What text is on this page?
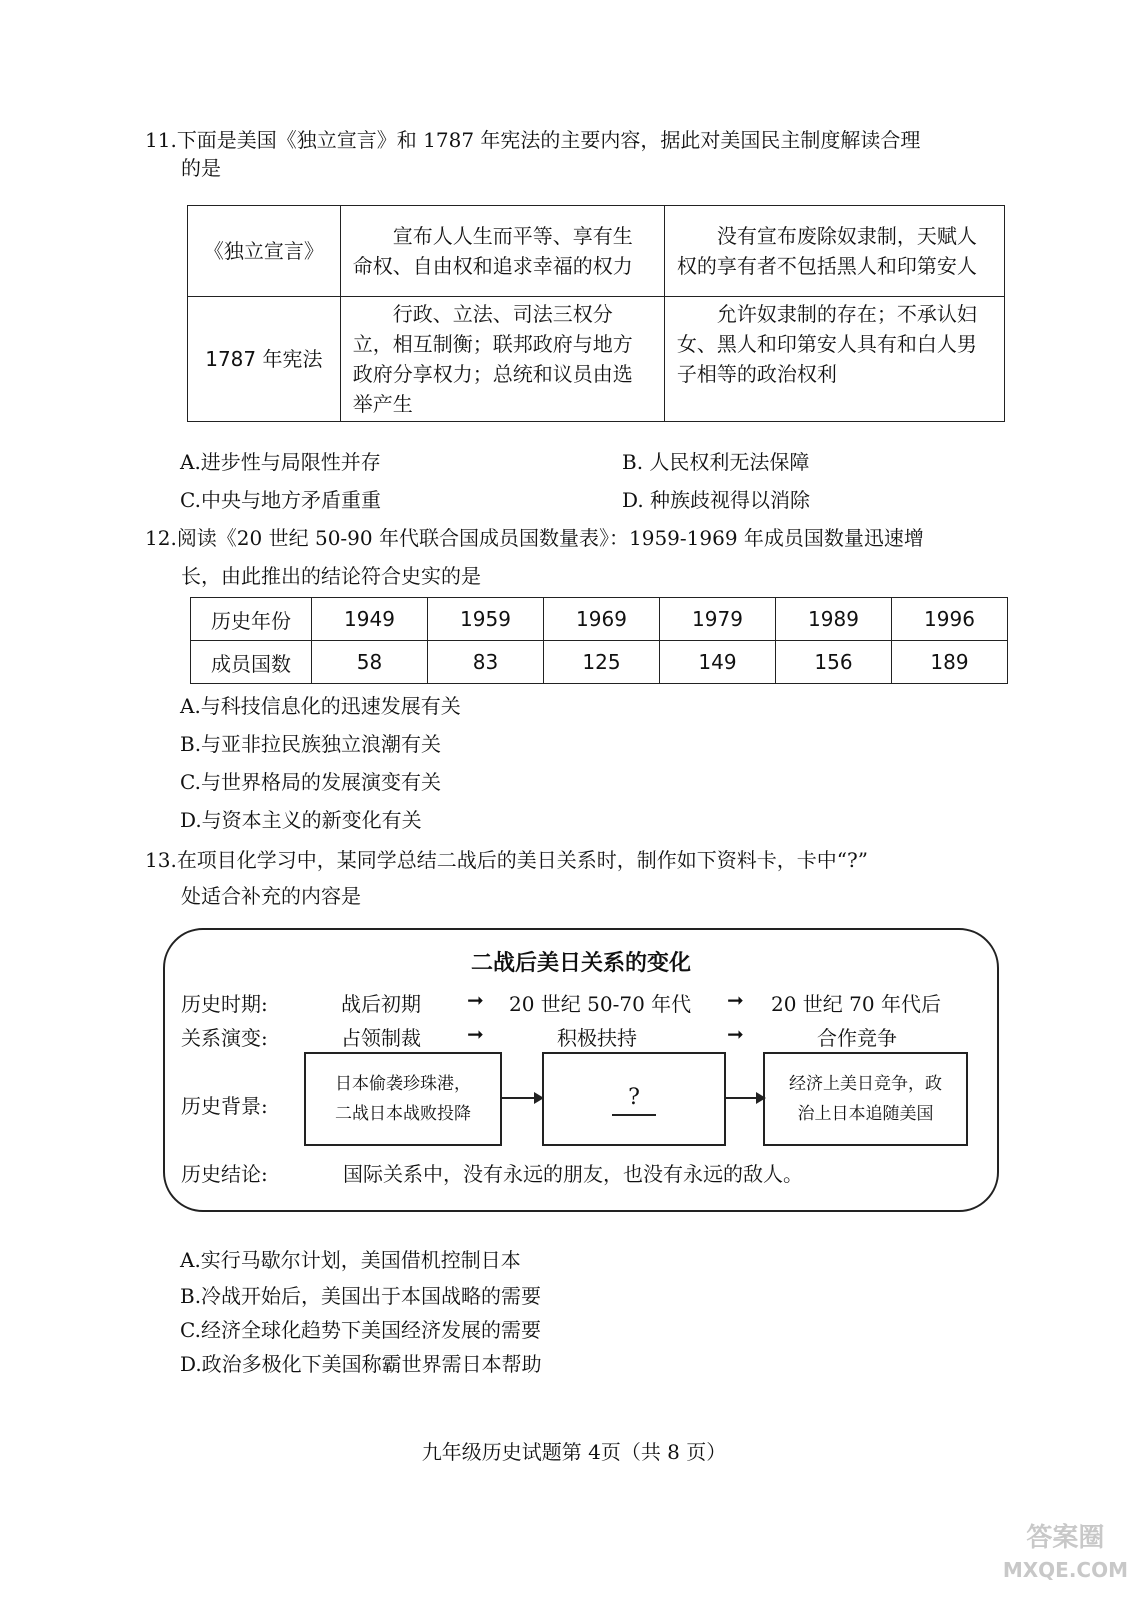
11.下面是美国《独立宣言》和 1787 年宪法的主要内容，据此对美国民主制度解读合理
的是
《独立宣言》	宣布人人生而平等、享有生命权、自由权和追求幸福的权力	没有宣布废除奴隶制，天赋人权的享有者不包括黑人和印第安人
1787 年宪法	行政、立法、司法三权分立，相互制衡；联邦政府与地方政府分享权力；总统和议员由选举产生	允许奴隶制的存在；不承认妇女、黑人和印第安人具有和白人男子相等的政治权利
A.进步性与局限性并存	B. 人民权利无法保障
C.中央与地方矛盾重重	D. 种族歧视得以消除
12.阅读《20 世纪 50-90 年代联合国成员国数量表》：1959-1969 年成员国数量迅速增
长，由此推出的结论符合史实的是
历史年份	1949	1959	1969	1979	1989	1996
成员国数	58	83	125	149	156	189
A.与科技信息化的迅速发展有关
B.与亚非拉民族独立浪潮有关
C.与世界格局的发展演变有关
D.与资本主义的新变化有关
13.在项目化学习中，某同学总结二战后的美日关系时，制作如下资料卡，卡中“?”
处适合补充的内容是
二战后美日关系的变化
历史时期:	战后初期 ➞ 20 世纪 50-70 年代 ➞ 20 世纪 70 年代后
关系演变:	占领制裁 ➞	积极扶持	➞	合作竞争
历史背景:
日本偷袭珍珠港，
二战日本战败投降
?
经济上美日竞争，政
治上日本追随美国
历史结论:	国际关系中，没有永远的朋友，也没有永远的敌人。
A.实行马歇尔计划，美国借机控制日本
B.冷战开始后，美国出于本国战略的需要
C.经济全球化趋势下美国经济发展的需要
D.政治多极化下美国称霸世界需日本帮助
九年级历史试题第 4页（共 8 页）
答案圈
MXQE.COM
